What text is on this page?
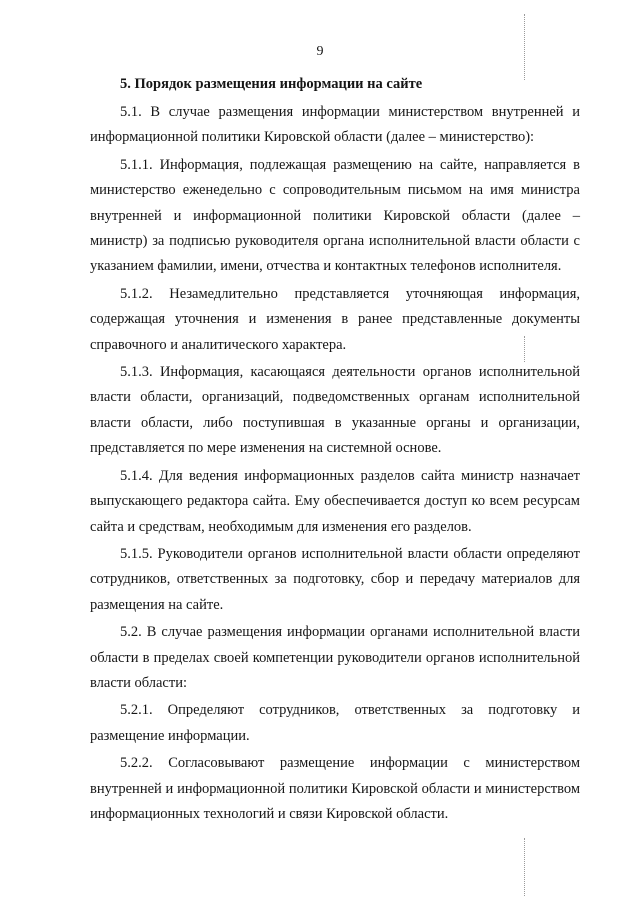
9
5. Порядок размещения информации на сайте

5.1. В случае размещения информации министерством внутренней и информационной политики Кировской области (далее – министерство):

5.1.1. Информация, подлежащая размещению на сайте, направляется в министерство еженедельно с сопроводительным письмом на имя министра внутренней и информационной политики Кировской области (далее – министр) за подписью руководителя органа исполнительной власти области с указанием фамилии, имени, отчества и контактных телефонов исполнителя.

5.1.2. Незамедлительно представляется уточняющая информация, содержащая уточнения и изменения в ранее представленные документы справочного и аналитического характера.

5.1.3. Информация, касающаяся деятельности органов исполнительной власти области, организаций, подведомственных органам исполнительной власти области, либо поступившая в указанные органы и организации, представляется по мере изменения на системной основе.

5.1.4. Для ведения информационных разделов сайта министр назначает выпускающего редактора сайта. Ему обеспечивается доступ ко всем ресурсам сайта и средствам, необходимым для изменения его разделов.

5.1.5. Руководители органов исполнительной власти области определяют сотрудников, ответственных за подготовку, сбор и передачу материалов для размещения на сайте.

5.2. В случае размещения информации органами исполнительной власти области в пределах своей компетенции руководители органов исполнительной власти области:

5.2.1. Определяют сотрудников, ответственных за подготовку и размещение информации.

5.2.2. Согласовывают размещение информации с министерством внутренней и информационной политики Кировской области и министерством информационных технологий и связи Кировской области.
